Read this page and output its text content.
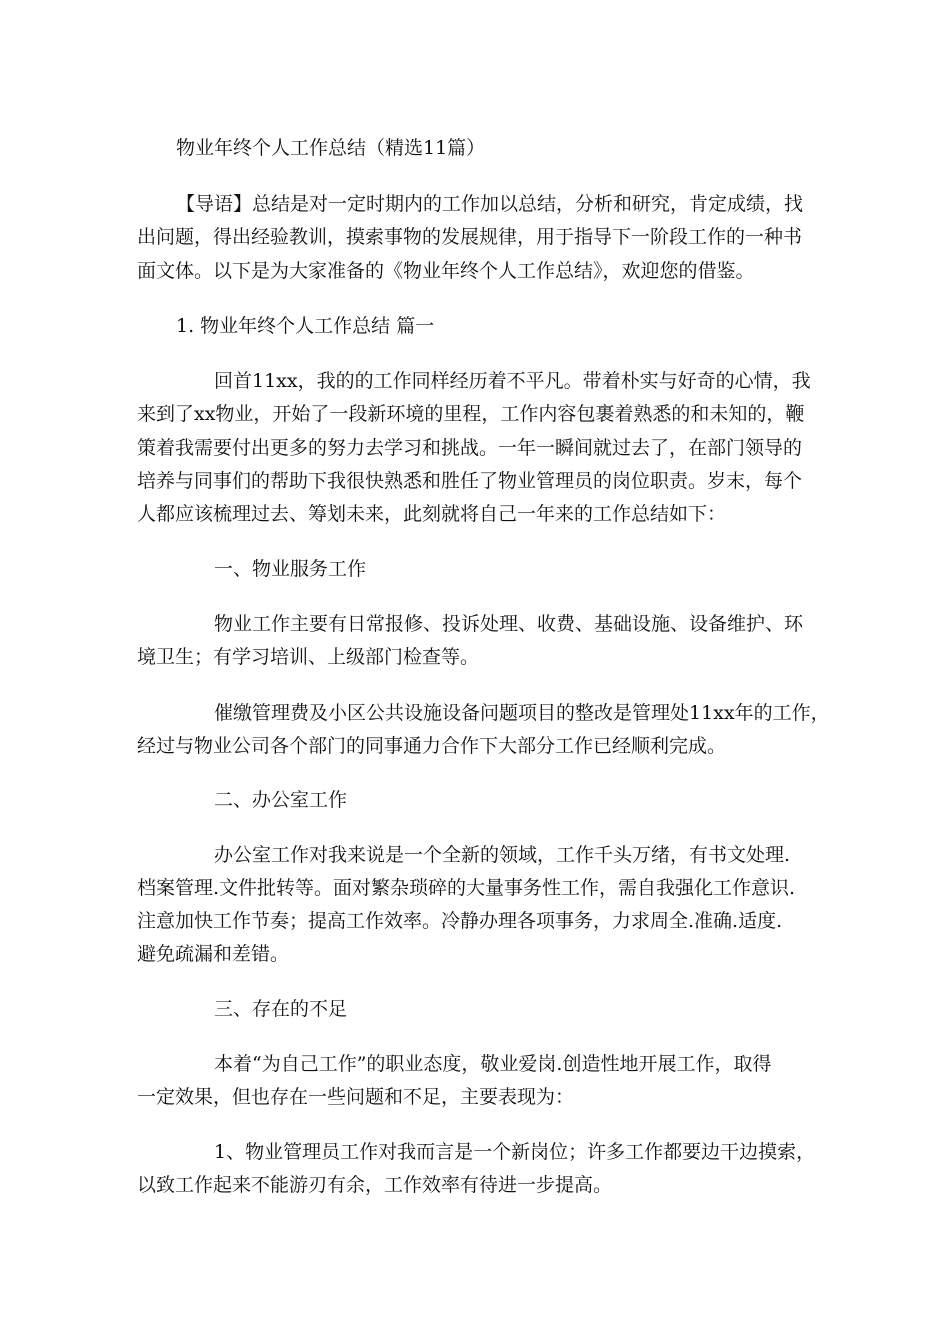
物业年终个人工作总结（精选11篇）

【导语】总结是对一定时期内的工作加以总结，分析和研究，肯定成绩，找

出问题，得出经验教训，摸索事物的发展规律，用于指导下一阶段工作的一种书

面文体。以下是为大家准备的《物业年终个人工作总结》，欢迎您的借鉴。

1. 物业年终个人工作总结 篇一

回首11xx，我的的工作同样经历着不平凡。带着朴实与好奇的心情，我

来到了xx物业，开始了一段新环境的里程，工作内容包裹着熟悉的和未知的，鞭

策着我需要付出更多的努力去学习和挑战。一年一瞬间就过去了，在部门领导的

培养与同事们的帮助下我很快熟悉和胜任了物业管理员的岗位职责。岁末，每个

人都应该梳理过去、筹划未来，此刻就将自己一年来的工作总结如下：

一、物业服务工作

物业工作主要有日常报修、投诉处理、收费、基础设施、设备维护、环

境卫生；有学习培训、上级部门检查等。

催缴管理费及小区公共设施设备问题项目的整改是管理处11xx年的工作，

经过与物业公司各个部门的同事通力合作下大部分工作已经顺利完成。

二、办公室工作

办公室工作对我来说是一个全新的领域，工作千头万绪，有书文处理.

档案管理.文件批转等。面对繁杂琐碎的大量事务性工作，需自我强化工作意识.

注意加快工作节奏；提高工作效率。冷静办理各项事务，力求周全.准确.适度.

避免疏漏和差错。

三、存在的不足

本着“为自己工作”的职业态度，敬业爱岗.创造性地开展工作，取得

一定效果，但也存在一些问题和不足，主要表现为：

1、物业管理员工作对我而言是一个新岗位；许多工作都要边干边摸索，

以致工作起来不能游刃有余，工作效率有待进一步提高。
